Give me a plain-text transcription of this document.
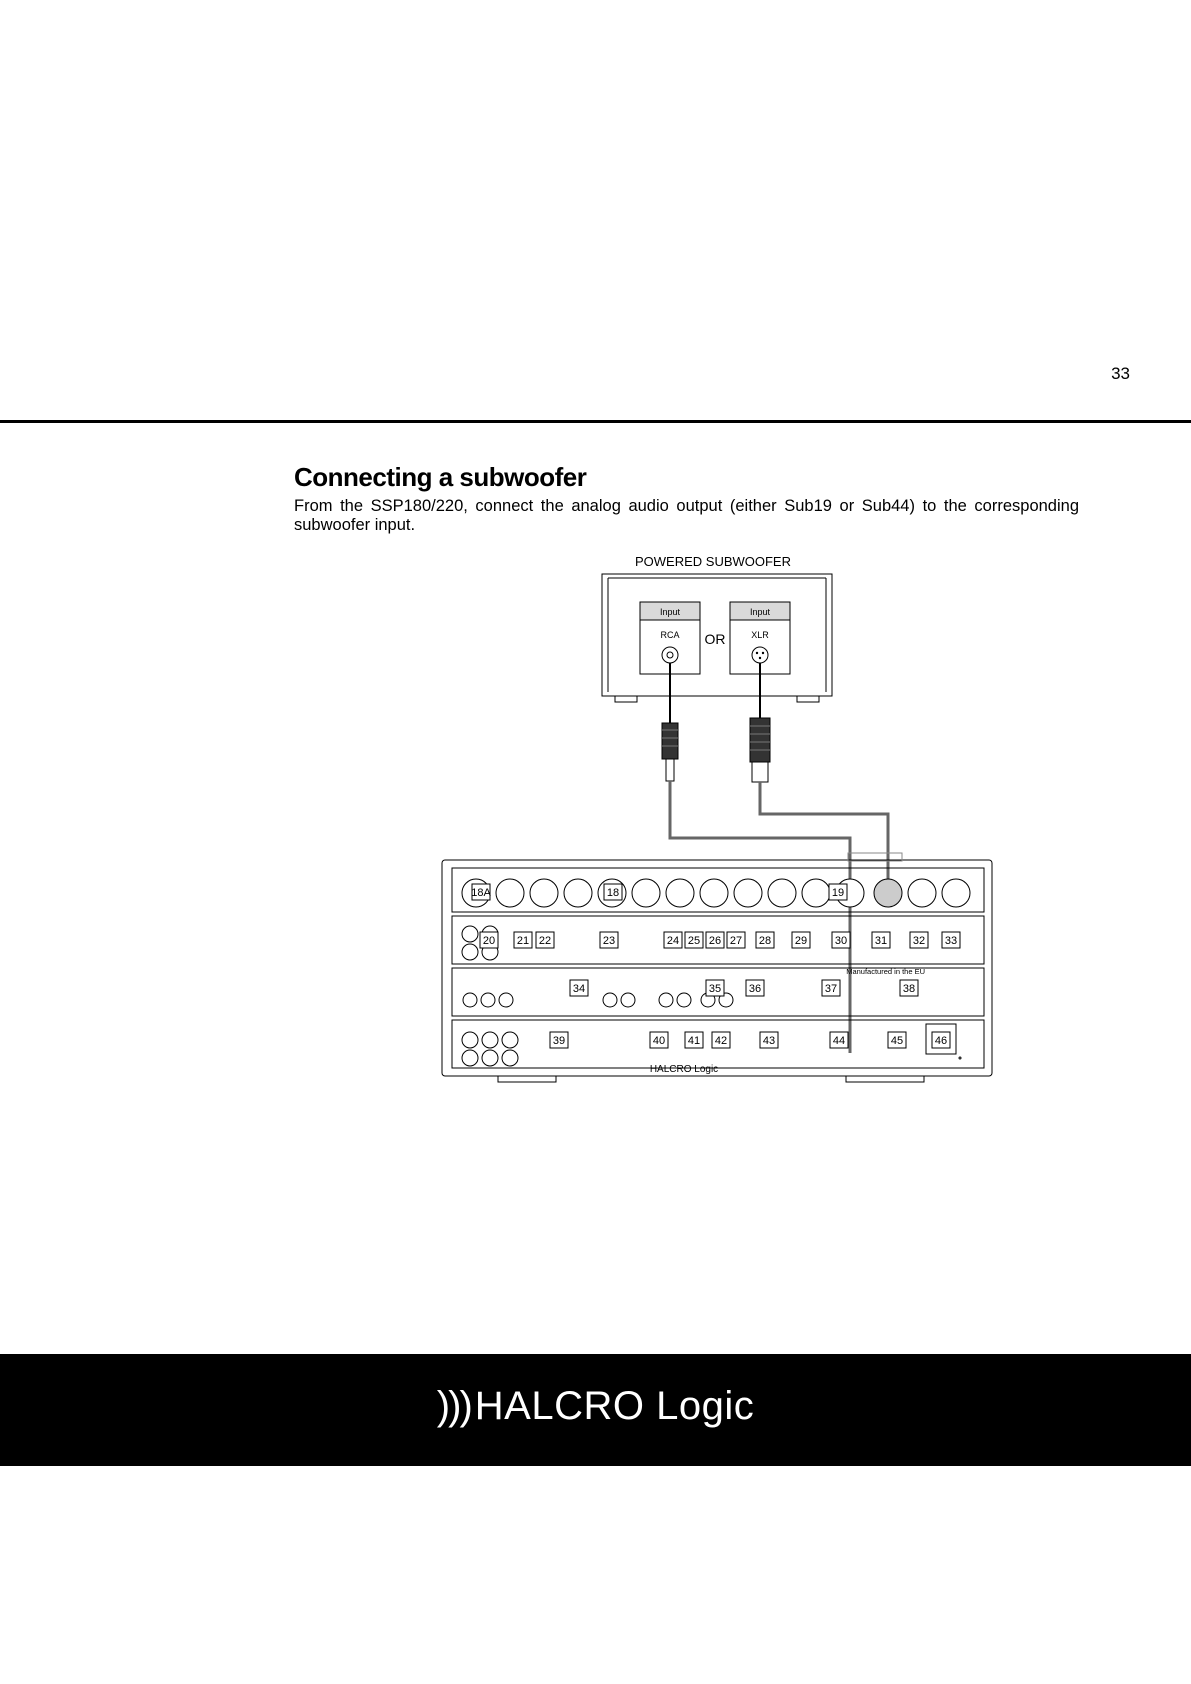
33
Connecting a subwoofer
From the SSP180/220, connect the analog audio output (either Sub19 or Sub44) to the corresponding subwoofer input.
POWERED SUBWOOFER
Input
RCA OR
Input
XLR
Manufactured in the EU
HALCRO Logic
18A	18	19
20 21 22	23	24 25 26 27 28 29	30	31 32 33
34	35	36	37	38
39	40 41 42	43	44	45	46
))) HALCRO Logic
